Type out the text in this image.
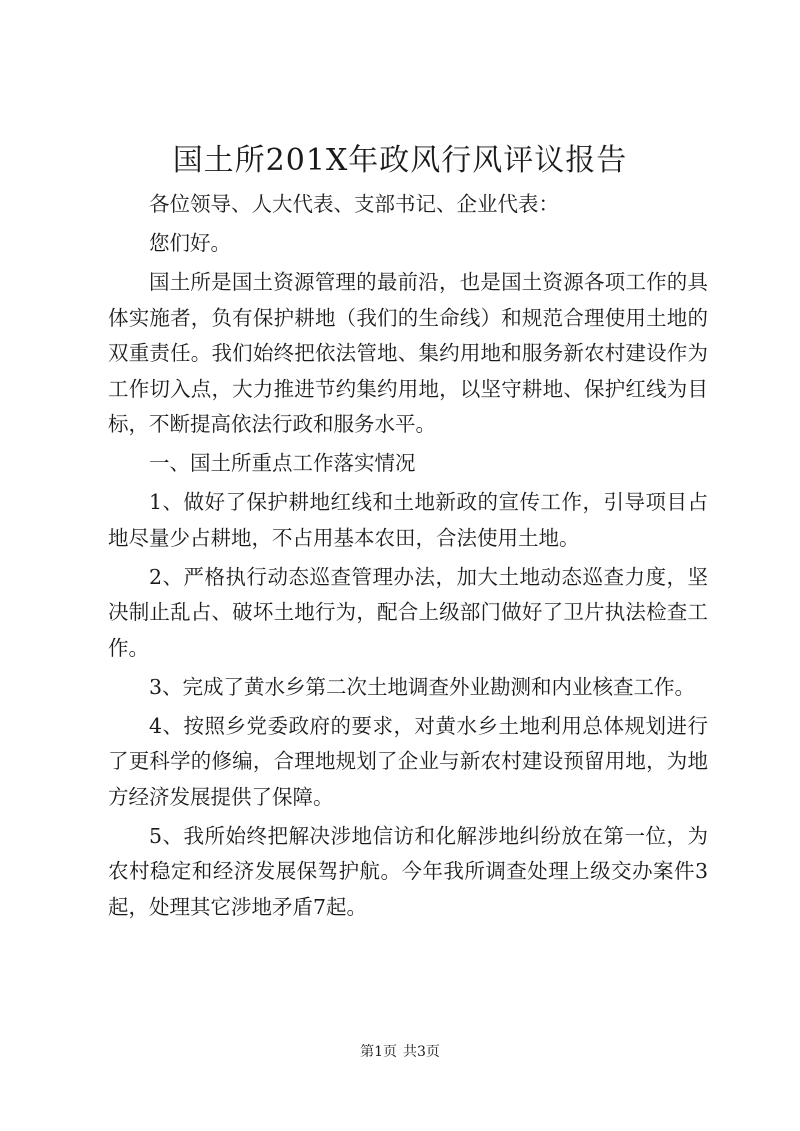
国土所201X年政风行风评议报告

各位领导、人大代表、支部书记、企业代表：

您们好。

国土所是国土资源管理的最前沿，也是国土资源各项工作的具体实施者，负有保护耕地（我们的生命线）和规范合理使用土地的双重责任。我们始终把依法管地、集约用地和服务新农村建设作为工作切入点，大力推进节约集约用地，以坚守耕地、保护红线为目标，不断提高依法行政和服务水平。

一、国土所重点工作落实情况

1、做好了保护耕地红线和土地新政的宣传工作，引导项目占地尽量少占耕地，不占用基本农田，合法使用土地。

2、严格执行动态巡查管理办法，加大土地动态巡查力度，坚决制止乱占、破坏土地行为，配合上级部门做好了卫片执法检查工作。

3、完成了黄水乡第二次土地调查外业勘测和内业核查工作。

4、按照乡党委政府的要求，对黄水乡土地利用总体规划进行了更科学的修编，合理地规划了企业与新农村建设预留用地，为地方经济发展提供了保障。

5、我所始终把解决涉地信访和化解涉地纠纷放在第一位，为农村稳定和经济发展保驾护航。今年我所调查处理上级交办案件3起，处理其它涉地矛盾7起。

第1页 共3页
